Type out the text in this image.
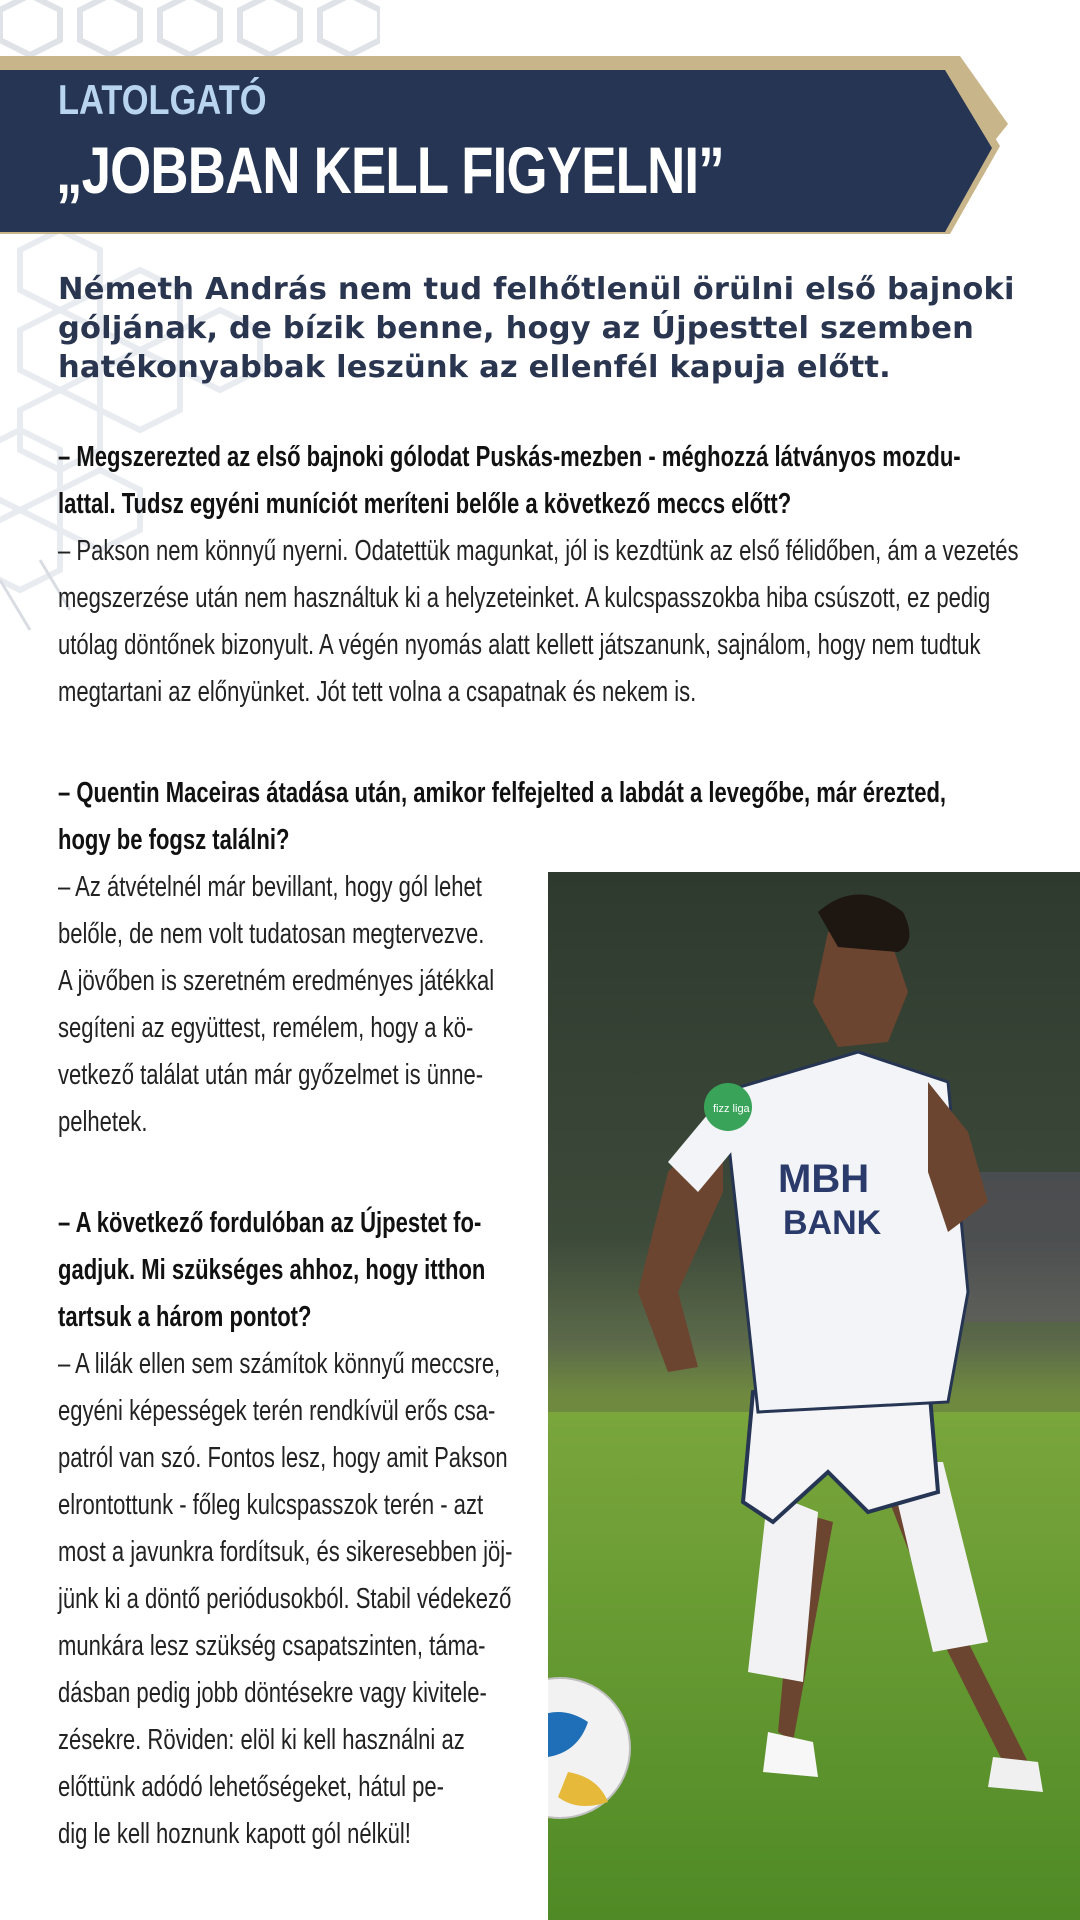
LATOLGATÓ
„JOBBAN KELL FIGYELNI”
Németh András nem tud felhőtlenül örülni első bajnoki
góljának, de bízik benne, hogy az Újpesttel szemben
hatékonyabbak leszünk az ellenfél kapuja előtt.
– Megszerezted az első bajnoki gólodat Puskás-mezben - méghozzá látványos mozdu-
lattal. Tudsz egyéni muníciót meríteni belőle a következő meccs előtt?
– Pakson nem könnyű nyerni. Odatettük magunkat, jól is kezdtünk az első félidőben, ám a vezetés
megszerzése után nem használtuk ki a helyzeteinket. A kulcspasszokba hiba csúszott, ez pedig
utólag döntőnek bizonyult. A végén nyomás alatt kellett játszanunk, sajnálom, hogy nem tudtuk
megtartani az előnyünket. Jót tett volna a csapatnak és nekem is.
– Quentin Maceiras átadása után, amikor felfejelted a labdát a levegőbe, már érezted,
hogy be fogsz találni?
– Az átvételnél már bevillant, hogy gól lehet
belőle, de nem volt tudatosan megtervezve.
A jövőben is szeretném eredményes játékkal
segíteni az együttest, remélem, hogy a kö-
vetkező találat után már győzelmet is ünne-
pelhetek.
– A következő fordulóban az Újpestet fo-
gadjuk. Mi szükséges ahhoz, hogy itthon
tartsuk a három pontot?
– A lilák ellen sem számítok könnyű meccsre,
egyéni képességek terén rendkívül erős csa-
patról van szó. Fontos lesz, hogy amit Pakson
elrontottunk - főleg kulcspasszok terén - azt
most a javunkra fordítsuk, és sikeresebben jöj-
jünk ki a döntő periódusokból. Stabil védekező
munkára lesz szükség csapatszinten, táma-
dásban pedig jobb döntésekre vagy kivitele-
zésekre. Röviden: elöl ki kell használni az
előttünk adódó lehetőségeket, hátul pe-
dig le kell hoznunk kapott gól nélkül!
MBH
BANK
fizz liga
